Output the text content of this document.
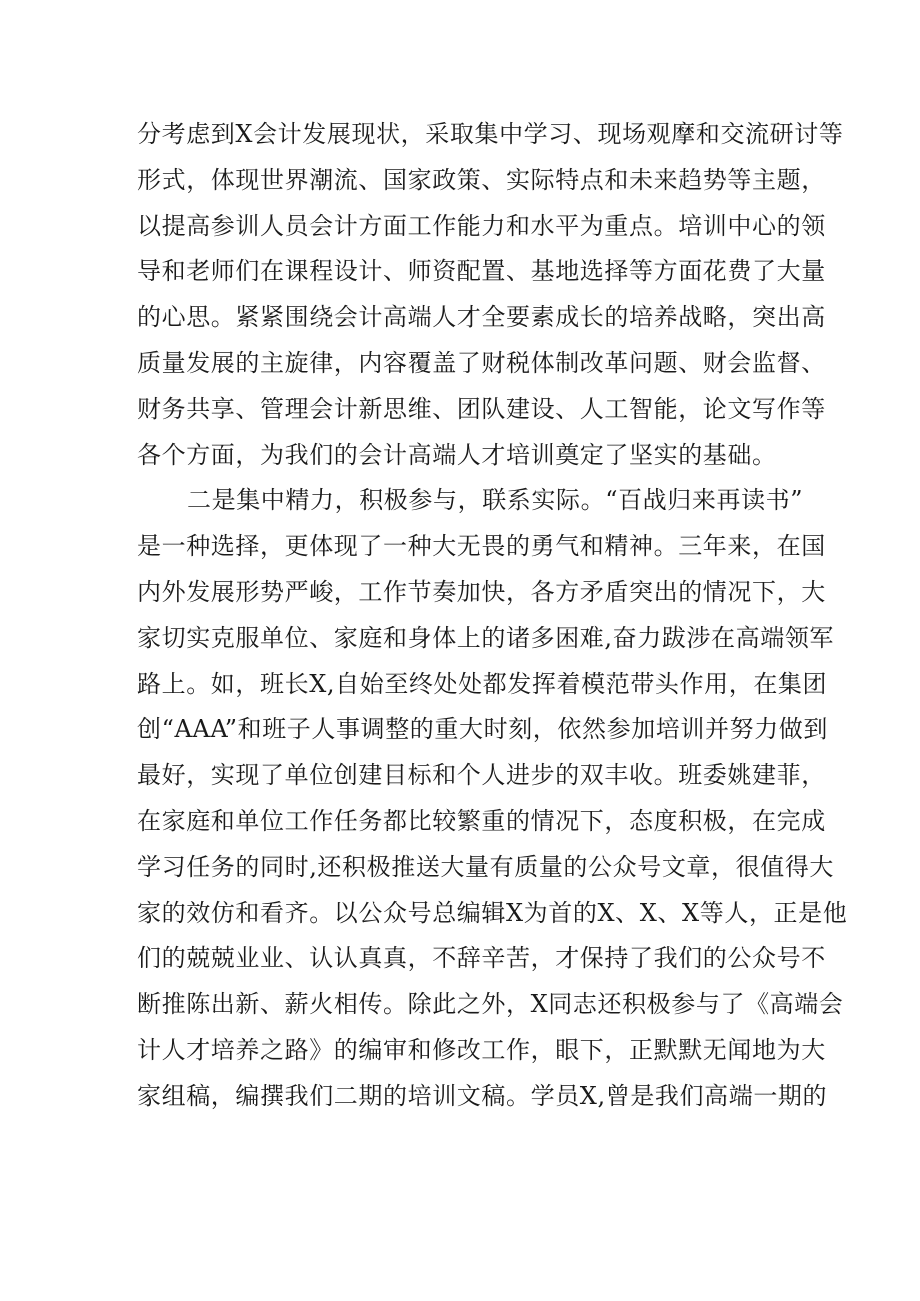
分考虑到X会计发展现状，采取集中学习、现场观摩和交流研讨等
形式，体现世界潮流、国家政策、实际特点和未来趋势等主题，
以提高参训人员会计方面工作能力和水平为重点。培训中心的领
导和老师们在课程设计、师资配置、基地选择等方面花费了大量
的心思。紧紧围绕会计高端人才全要素成长的培养战略，突出高
质量发展的主旋律，内容覆盖了财税体制改革问题、财会监督、
财务共享、管理会计新思维、团队建设、人工智能，论文写作等
各个方面，为我们的会计高端人才培训奠定了坚实的基础。

二是集中精力，积极参与，联系实际。“百战归来再读书”
是一种选择，更体现了一种大无畏的勇气和精神。三年来，在国
内外发展形势严峻，工作节奏加快，各方矛盾突出的情况下，大
家切实克服单位、家庭和身体上的诸多困难,奋力跋涉在高端领军
路上。如，班长X,自始至终处处都发挥着模范带头作用，在集团
创“AAA”和班子人事调整的重大时刻，依然参加培训并努力做到
最好，实现了单位创建目标和个人进步的双丰收。班委姚建菲，
在家庭和单位工作任务都比较繁重的情况下，态度积极，在完成
学习任务的同时,还积极推送大量有质量的公众号文章，很值得大
家的效仿和看齐。以公众号总编辑X为首的X、X、X等人，正是他
们的兢兢业业、认认真真，不辞辛苦，才保持了我们的公众号不
断推陈出新、薪火相传。除此之外，X同志还积极参与了《高端会
计人才培养之路》的编审和修改工作，眼下，正默默无闻地为大
家组稿，编撰我们二期的培训文稿。学员X,曾是我们高端一期的
